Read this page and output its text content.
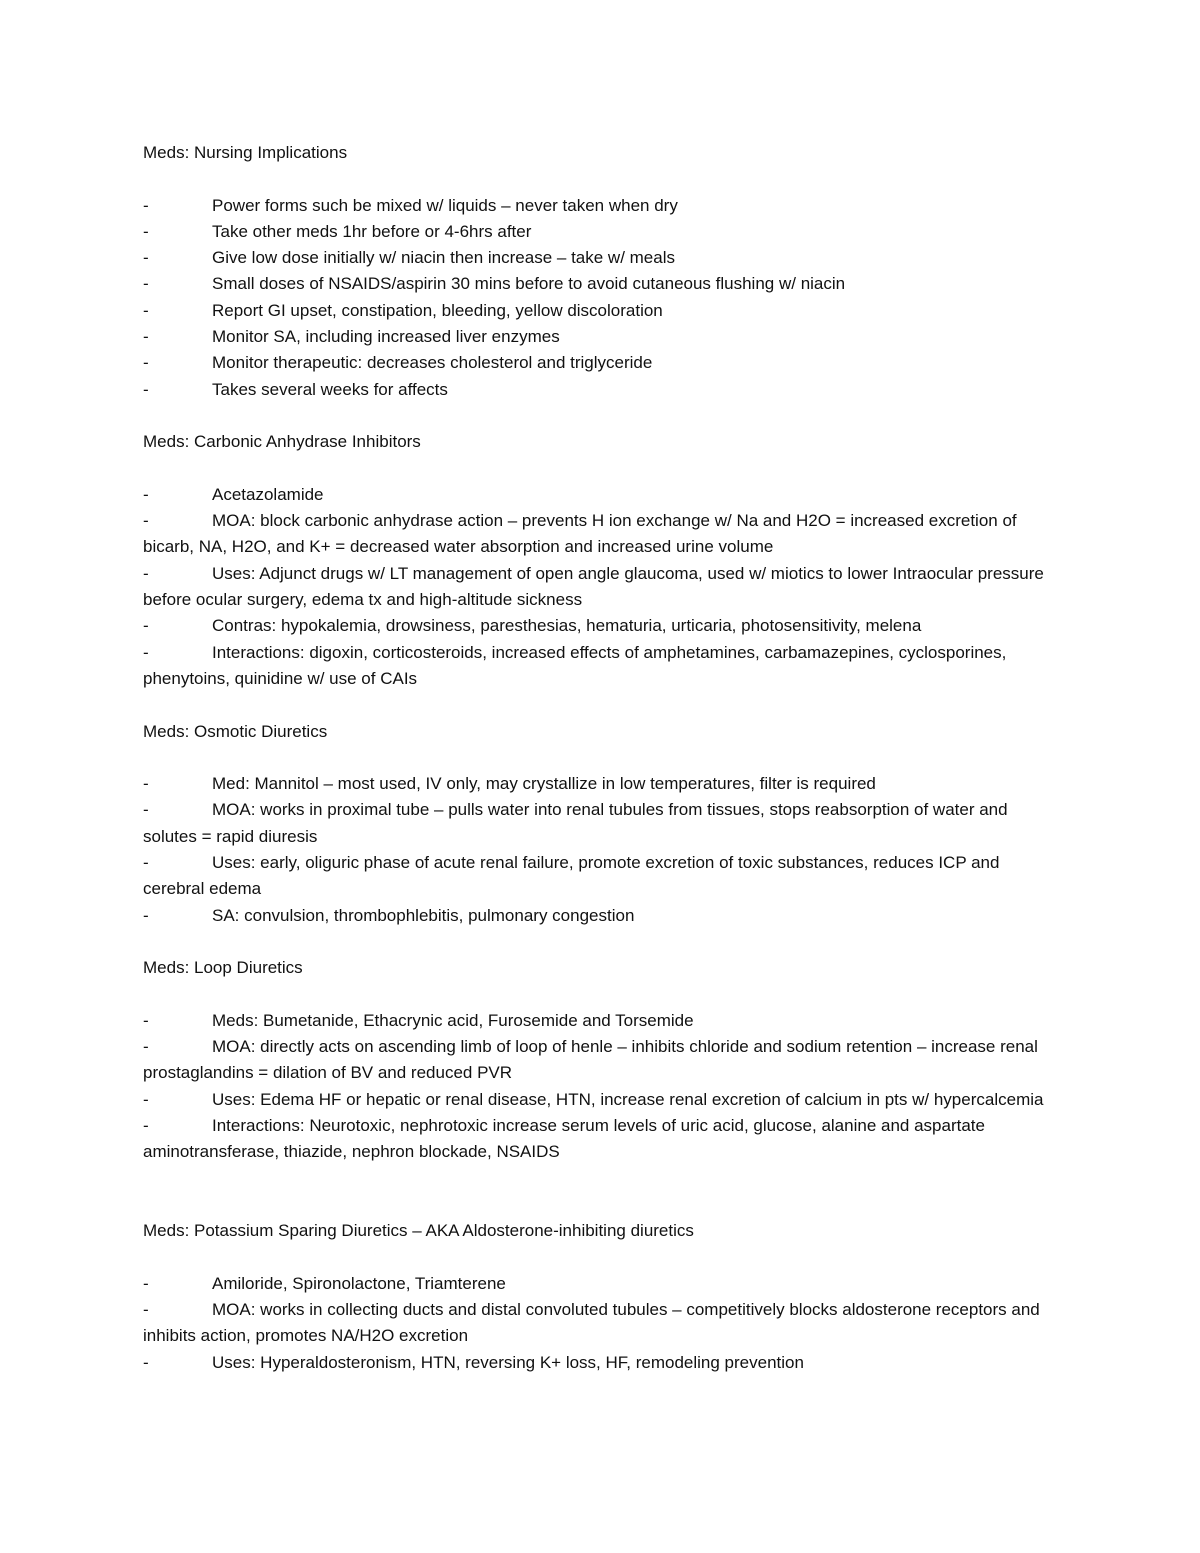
Meds: Nursing Implications

-	Power forms such be mixed w/ liquids – never taken when dry
-	Take other meds 1hr before or 4-6hrs after
-	Give low dose initially w/ niacin then increase – take w/ meals
-	Small doses of NSAIDS/aspirin 30 mins before to avoid cutaneous flushing w/ niacin
-	Report GI upset, constipation, bleeding, yellow discoloration
-	Monitor SA, including increased liver enzymes
-	Monitor therapeutic: decreases cholesterol and triglyceride
-	Takes several weeks for affects

Meds: Carbonic Anhydrase Inhibitors

-	Acetazolamide
-	MOA: block carbonic anhydrase action – prevents H ion exchange w/ Na and H2O = increased excretion of bicarb, NA, H2O, and K+ = decreased water absorption and increased urine volume
-	Uses: Adjunct drugs w/ LT management of open angle glaucoma, used w/ miotics to lower Intraocular pressure before ocular surgery, edema tx and high-altitude sickness
-	Contras: hypokalemia, drowsiness, paresthesias, hematuria, urticaria, photosensitivity, melena
-	Interactions: digoxin, corticosteroids, increased effects of amphetamines, carbamazepines, cyclosporines, phenytoins, quinidine w/ use of CAIs

Meds: Osmotic Diuretics

-	Med: Mannitol – most used, IV only, may crystallize in low temperatures, filter is required
-	MOA: works in proximal tube – pulls water into renal tubules from tissues, stops reabsorption of water and solutes = rapid diuresis
-	Uses: early, oliguric phase of acute renal failure, promote excretion of toxic substances, reduces ICP and cerebral edema
-	SA: convulsion, thrombophlebitis, pulmonary congestion

Meds: Loop Diuretics

-	Meds: Bumetanide, Ethacrynic acid, Furosemide and Torsemide
-	MOA: directly acts on ascending limb of loop of henle – inhibits chloride and sodium retention – increase renal prostaglandins = dilation of BV and reduced PVR
-	Uses: Edema HF or hepatic or renal disease, HTN, increase renal excretion of calcium in pts w/ hypercalcemia
-	Interactions: Neurotoxic, nephrotoxic increase serum levels of uric acid, glucose, alanine and aspartate aminotransferase, thiazide, nephron blockade, NSAIDS

Meds: Potassium Sparing Diuretics – AKA Aldosterone-inhibiting diuretics

-	Amiloride, Spironolactone, Triamterene
-	MOA: works in collecting ducts and distal convoluted tubules – competitively blocks aldosterone receptors and inhibits action, promotes NA/H2O excretion
-	Uses: Hyperaldosteronism, HTN, reversing K+ loss, HF, remodeling prevention
